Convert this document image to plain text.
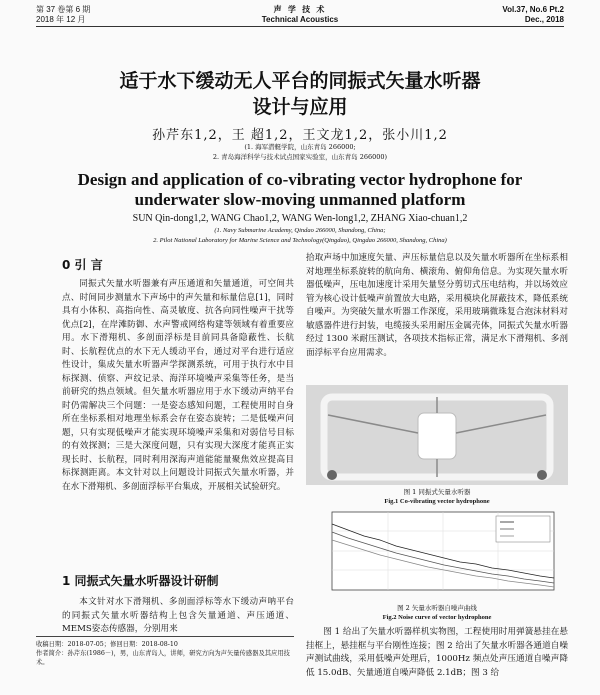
第 37 卷第 6 期
2018 年 12 月
声 学 技 术
Technical Acoustics
Vol.37, No.6 Pt.2
Dec., 2018
适于水下缓动无人平台的同振式矢量水听器
设计与应用
孙芹东1,2，王 超1,2，王文龙1,2，张小川1,2
(1. 海军潜艇学院，山东青岛 266000;
2. 青岛海洋科学与技术试点国家实验室，山东青岛 266000)
Design and application of co-vibrating vector hydrophone for
underwater slow-moving unmanned platform
SUN Qin-dong1,2, WANG Chao1,2, WANG Wen-long1,2, ZHANG Xiao-chuan1,2
(1. Navy Submarine Academy, Qindao 266000, Shandong, China;
2. Pilot National Laboratory for Marine Science and Technology(Qingdao), Qingdao 266000, Shandong, China)
0 引 言

同振式矢量水听器兼有声压通道和矢量通道，可空间共点、时间同步测量水下声场中的声矢量和标量信息[1]，同时具有小体积、高指向性、高灵敏度、抗各向同性噪声干扰等优点[2]，在岸滩防御、水声警戒网络构建等领域有着重要应用。水下滑翔机、多剖面浮标是目前同具备隐蔽性、长航时、长航程优点的水下无人缓动平台，通过对平台进行适应性设计，集成矢量水听器声学探测系统，可用于执行水中目标探测、侦察、声纹记录、海洋环境噪声采集等任务，是当前研究的热点领域。但矢量水听器应用于水下缓动声纳平台时仍需解决三个问题：一是姿态感知问题，工程使用时自身所在坐标系相对地理坐标系会存在姿态旋转；二是低噪声问题，只有实现低噪声才能实现环境噪声采集和对弱信号目标的有效探测；三是大深度问题，只有实现大深度才能真正实现长时、长航程，同时利用深海声道能能量聚焦效应提高目标探测距离。本文针对以上问题设计同振式矢量水听器，并在水下滑翔机、多剖面浮标平台集成，开展相关试验研究。

1 同振式矢量水听器设计研制

本文针对水下滑翔机、多剖面浮标等水下缓动声呐平台的同振式矢量水听器结构上包含矢量通道、声压通道、MEMS姿态传感器，分别用来

拾取声场中加速度矢量、声压标量信息以及矢量水听器所在坐标系相对地理坐标系旋转的航向角、横滚角、俯仰角信息。为实现矢量水听器低噪声，压电加速度计采用矢量竖分剪切式压电结构，并以场效应管为核心设计低噪声前置放大电路，采用模块化屏蔽技术，降低系统自噪声。为突破矢量水听器工作深度，采用玻璃微珠复合泡沫材料对敏感器件进行封装，电缆接头采用耐压金属壳体，同振式矢量水听器经过 1300 米耐压测试，各项技术指标正常，满足水下滑翔机、多剖面浮标平台应用需求。

图 1 同振式矢量水听器
Fig.1 Co-vibrating vector hydrophone
图 2 矢量水听器自噪声曲线
Fig.2 Noise curve of vector hydrophone

图 1 给出了矢量水听器样机实物图，工程使用时用弹簧悬挂在悬挂框上，悬挂框与平台刚性连接；图 2 给出了矢量水听器各通道自噪声测试曲线，采用低噪声处理后，1000Hz 频点处声压通道自噪声降低 15.0dB、矢量通道自噪声降低 2.1dB；图 3 给

收稿日期：2018-07-05；修回日期：2018-08-10
作者简介：孙芹东(1986－)，男，山东青岛人，讲师，研究方向为声矢量传感器及其应用技术。
